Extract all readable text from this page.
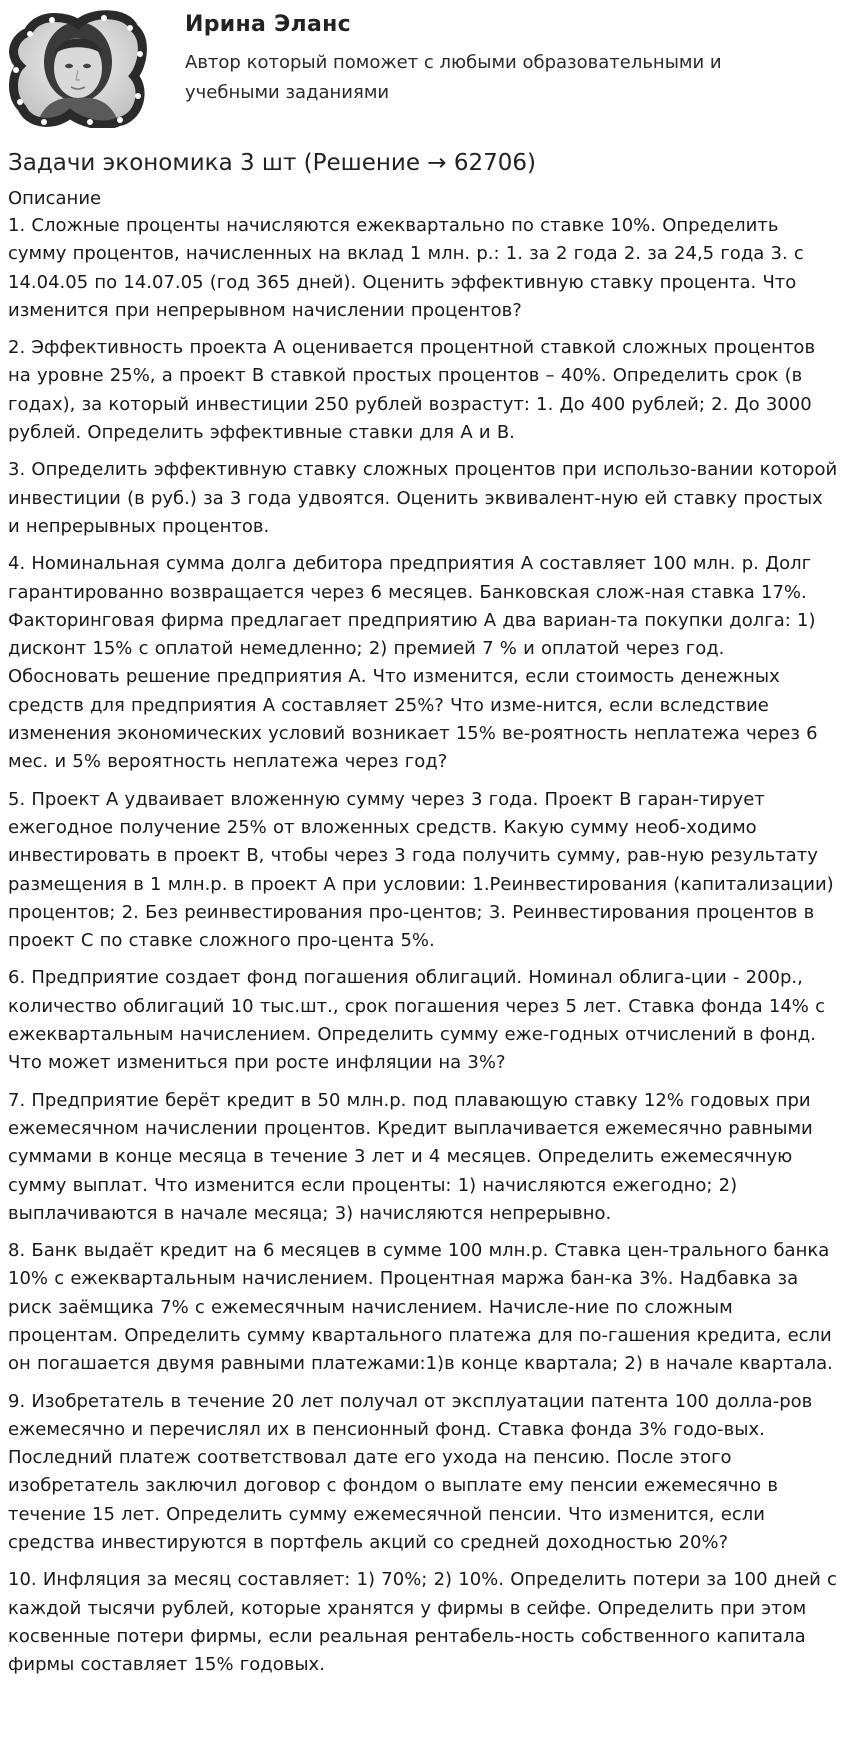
Ирина Эланс
Автор который поможет с любыми образовательными и учебными заданиями
Задачи экономика 3 шт (Решение → 62706)
Описание

1. Сложные проценты начисляются ежеквартально по ставке 10%. Определить сумму процентов, начисленных на вклад 1 млн. р.: 1. за 2 года 2. за 24,5 года 3. с 14.04.05 по 14.07.05 (год 365 дней). Оценить эффективную ставку процента. Что изменится при непрерывном начислении процентов?

2. Эффективность проекта А оценивается процентной ставкой сложных процентов на уровне 25%, а проект В ставкой простых процентов – 40%. Определить срок (в годах), за который инвестиции 250 рублей возрастут: 1. До 400 рублей; 2. До 3000 рублей. Определить эффективные ставки для А и В.

3. Определить эффективную ставку сложных процентов при использо-вании которой инвестиции (в руб.) за 3 года удвоятся. Оценить эквивалент-ную ей ставку простых и непрерывных процентов.

4. Номинальная сумма долга дебитора предприятия А составляет 100 млн. р. Долг гарантированно возвращается через 6 месяцев. Банковская слож-ная ставка 17%. Факторинговая фирма предлагает предприятию А два вариан-та покупки долга: 1) дисконт 15% с оплатой немедленно; 2) премией 7 % и оплатой через год. Обосновать решение предприятия А. Что изменится, если стоимость денежных средств для предприятия А составляет 25%? Что изме-нится, если вследствие изменения экономических условий возникает 15% ве-роятность неплатежа через 6 мес. и 5% вероятность неплатежа через год?

5. Проект А удваивает вложенную сумму через 3 года. Проект В гаран-тирует ежегодное получение 25% от вложенных средств. Какую сумму необ-ходимо инвестировать в проект В, чтобы через 3 года получить сумму, рав-ную результату размещения в 1 млн.р. в проект А при условии: 1.Реинвестирования (капитализации) процентов; 2. Без реинвестирования про-центов; 3. Реинвестирования процентов в проект С по ставке сложного про-цента 5%.

6. Предприятие создает фонд погашения облигаций. Номинал облига-ции - 200р., количество облигаций 10 тыс.шт., срок погашения через 5 лет. Ставка фонда 14% с ежеквартальным начислением. Определить сумму еже-годных отчислений в фонд. Что может измениться при росте инфляции на 3%?

7. Предприятие берёт кредит в 50 млн.р. под плавающую ставку 12% годовых при ежемесячном начислении процентов. Кредит выплачивается ежемесячно равными суммами в конце месяца в течение 3 лет и 4 месяцев. Определить ежемесячную сумму выплат. Что изменится если проценты: 1) начисляются ежегодно; 2) выплачиваются в начале месяца; 3) начисляются непрерывно.

8. Банк выдаёт кредит на 6 месяцев в сумме 100 млн.р. Ставка цен-трального банка 10% с ежеквартальным начислением. Процентная маржа бан-ка 3%. Надбавка за риск заёмщика 7% с ежемесячным начислением. Начисле-ние по сложным процентам. Определить сумму квартального платежа для по-гашения кредита, если он погашается двумя равными платежами:1)в конце квартала; 2) в начале квартала.

9. Изобретатель в течение 20 лет получал от эксплуатации патента 100 долла-ров ежемесячно и перечислял их в пенсионный фонд. Ставка фонда 3% годо-вых. Последний платеж соответствовал дате его ухода на пенсию. После этого изобретатель заключил договор с фондом о выплате ему пенсии ежемесячно в течение 15 лет. Определить сумму ежемесячной пенсии. Что изменится, если средства инвестируются в портфель акций со средней доходностью 20%?

10. Инфляция за месяц составляет: 1) 70%; 2) 10%. Определить потери за 100 дней с каждой тысячи рублей, которые хранятся у фирмы в сейфе. Определить при этом косвенные потери фирмы, если реальная рентабель-ность собственного капитала фирмы составляет 15% годовых.
